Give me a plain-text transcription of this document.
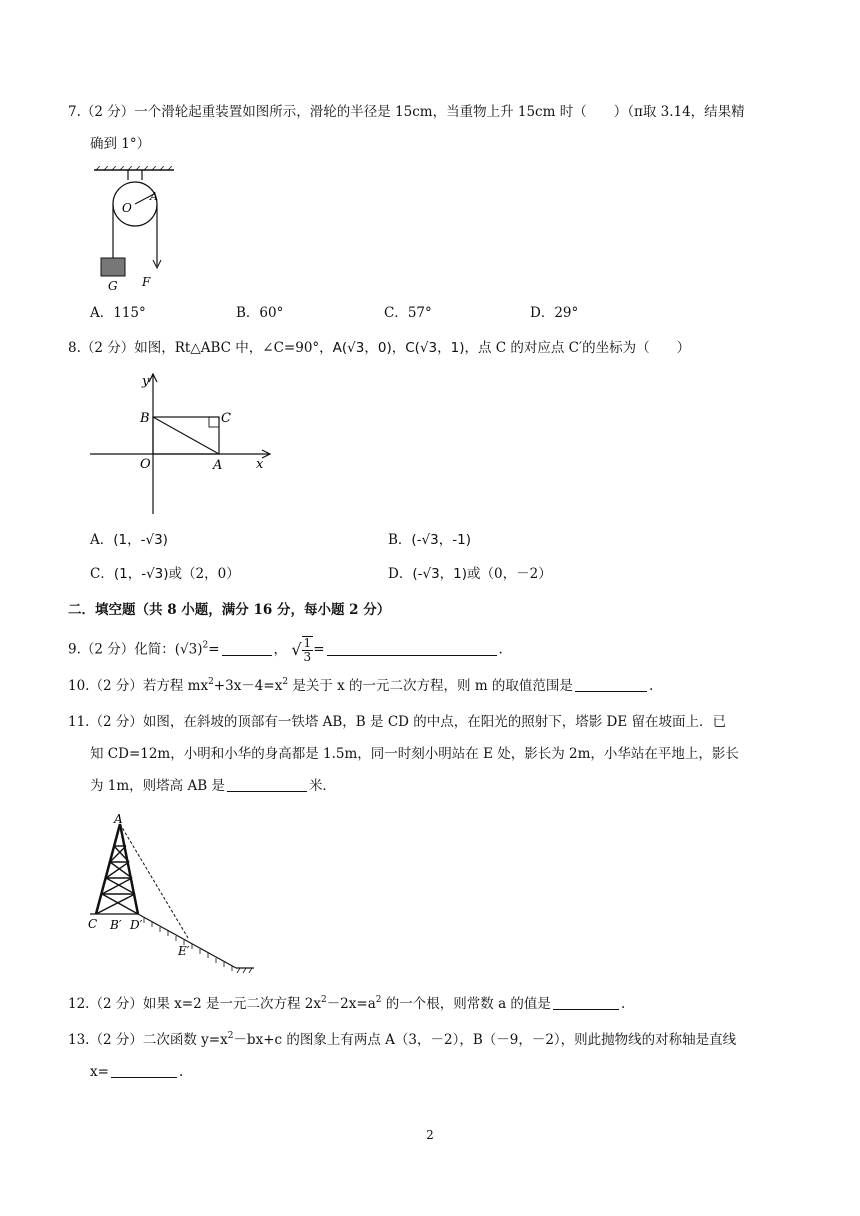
7.（2 分）一个滑轮起重装置如图所示，滑轮的半径是 15cm，当重物上升 15cm 时（　　）（π取 3.14，结果精
确到 1°）
O
A
F
G
A．115°	B．60°	C．57°	D．29°
8.（2 分）如图，Rt△ABC 中，∠C=90°，A(√3，0)，C(√3，1)，点 C 的对应点 C′的坐标为（　　）
y
B	C
O	A	x
A．(1，-√3)	B．(-√3，-1)
C．(1，-√3)或（2，0）	D．(-√3，1)或（0，－2）
二．填空题（共 8 小题，满分 16 分，每小题 2 分）
9.（2 分）化简：$(√3)^2=$	， √ $\frac{1}{3}$ =	.
10.（2 分）若方程 $mx^2+3x-4=x^2$ 是关于 x 的一元二次方程，则 m 的取值范围是	.
11.（2 分）如图，在斜坡的顶部有一铁塔 AB，B 是 CD 的中点，在阳光的照射下，塔影 DE 留在坡面上．已
知 CD=12m，小明和小华的身高都是 1.5m，同一时刻小明站在 E 处，影长为 2m，小华站在平地上，影长
为 1m，则塔高 AB 是	米．
A
C B′ D′
E′
12.（2 分）如果 x=2 是一元二次方程 $2x^2-2x=a^2$ 的一个根，则常数 a 的值是	.
13.（2 分）二次函数 $y=x^2-bx+c$ 的图象上有两点 A（3，－2），B（－9，－2），则此抛物线的对称轴是直线
x=	.
2
